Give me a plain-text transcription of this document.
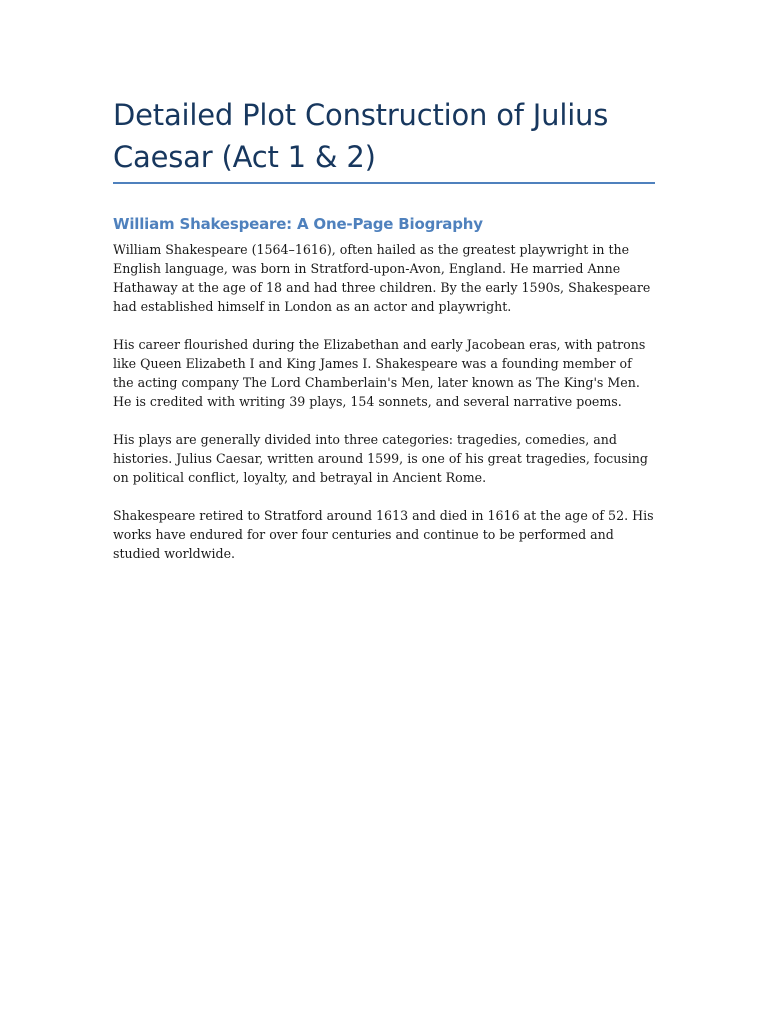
Detailed Plot Construction of Julius Caesar (Act 1 & 2)
William Shakespeare: A One-Page Biography

William Shakespeare (1564–1616), often hailed as the greatest playwright in the English language, was born in Stratford-upon-Avon, England. He married Anne Hathaway at the age of 18 and had three children. By the early 1590s, Shakespeare had established himself in London as an actor and playwright.

His career flourished during the Elizabethan and early Jacobean eras, with patrons like Queen Elizabeth I and King James I. Shakespeare was a founding member of the acting company The Lord Chamberlain's Men, later known as The King's Men. He is credited with writing 39 plays, 154 sonnets, and several narrative poems.

His plays are generally divided into three categories: tragedies, comedies, and histories. Julius Caesar, written around 1599, is one of his great tragedies, focusing on political conflict, loyalty, and betrayal in Ancient Rome.

Shakespeare retired to Stratford around 1613 and died in 1616 at the age of 52. His works have endured for over four centuries and continue to be performed and studied worldwide.
